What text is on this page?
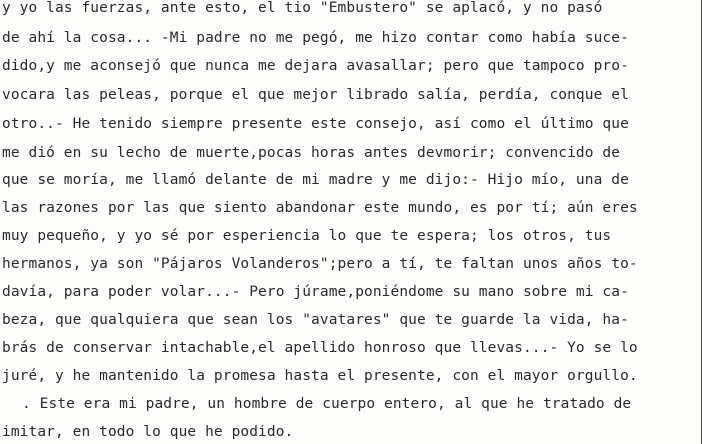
y yo las fuerzas, ante esto, el tio "Embustero" se aplacó, y no pasó
de ahí la cosa... -Mi padre no me pegó, me hizo contar como había suce-
dido,y me aconsejó que nunca me dejara avasallar; pero que tampoco pro-
vocara las peleas, porque el que mejor librado salía, perdía, conque el
otro..- He tenido siempre presente este consejo, así como el último que
me dió en su lecho de muerte,pocas horas antes devmorir; convencido de
que se moría, me llamó delante de mi madre y me dijo:- Hijo mío, una de
las razones por las que siento abandonar este mundo, es por tí; aún eres
muy pequeño, y yo sé por esperiencia lo que te espera; los otros, tus
hermanos, ya son "Pájaros Volanderos";pero a tí, te faltan unos años to-
davía, para poder volar...- Pero júrame,poniéndome su mano sobre mi ca-
beza, que qualquiera que sean los "avatares" que te guarde la vida, ha-
brás de conservar intachable,el apellido honroso que llevas...- Yo se lo
juré, y he mantenido la promesa hasta el presente, con el mayor orgullo.
. Este era mi padre, un hombre de cuerpo entero, al que he tratado de
imitar, en todo lo que he podido.
